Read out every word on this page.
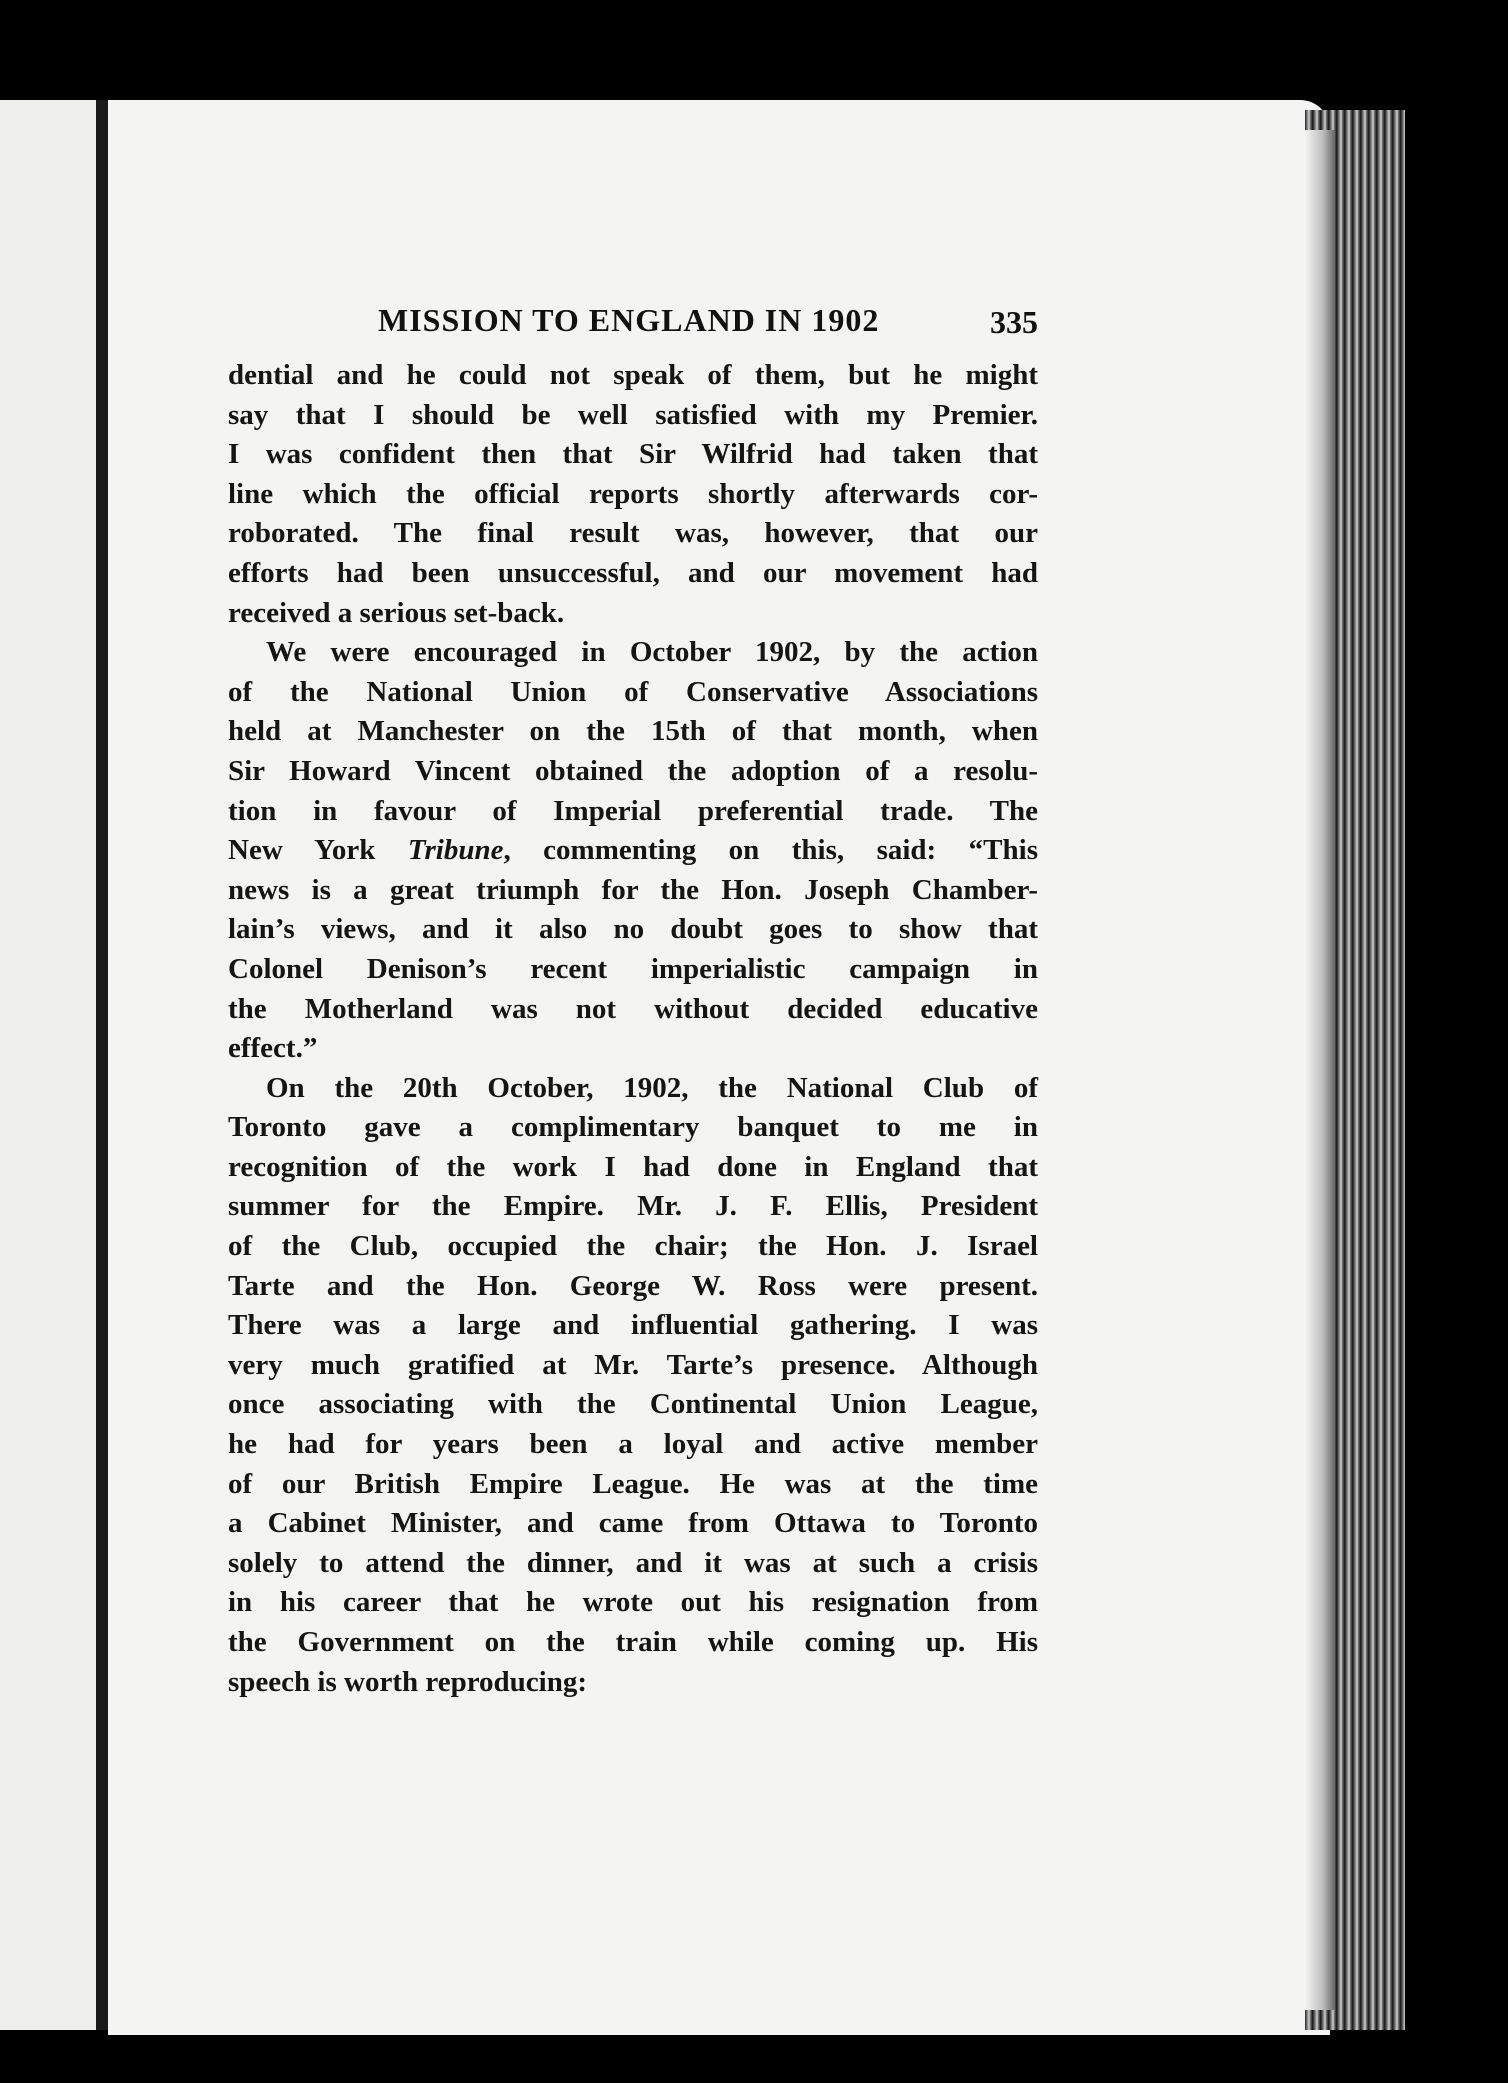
MISSION TO ENGLAND IN 1902	335
dential and he could not speak of them, but he might
say that I should be well satisfied with my Premier.
I was confident then that Sir Wilfrid had taken that
line which the official reports shortly afterwards cor-
roborated. The final result was, however, that our
efforts had been unsuccessful, and our movement had
received a serious set-back.
We were encouraged in October 1902, by the action
of the National Union of Conservative Associations
held at Manchester on the 15th of that month, when
Sir Howard Vincent obtained the adoption of a resolu-
tion in favour of Imperial preferential trade. The
New York Tribune, commenting on this, said: “This
news is a great triumph for the Hon. Joseph Chamber-
lain’s views, and it also no doubt goes to show that
Colonel Denison’s recent imperialistic campaign in
the Motherland was not without decided educative
effect.”
On the 20th October, 1902, the National Club of
Toronto gave a complimentary banquet to me in
recognition of the work I had done in England that
summer for the Empire. Mr. J. F. Ellis, President
of the Club, occupied the chair; the Hon. J. Israel
Tarte and the Hon. George W. Ross were present.
There was a large and influential gathering. I was
very much gratified at Mr. Tarte’s presence. Although
once associating with the Continental Union League,
he had for years been a loyal and active member
of our British Empire League. He was at the time
a Cabinet Minister, and came from Ottawa to Toronto
solely to attend the dinner, and it was at such a crisis
in his career that he wrote out his resignation from
the Government on the train while coming up. His
speech is worth reproducing:
